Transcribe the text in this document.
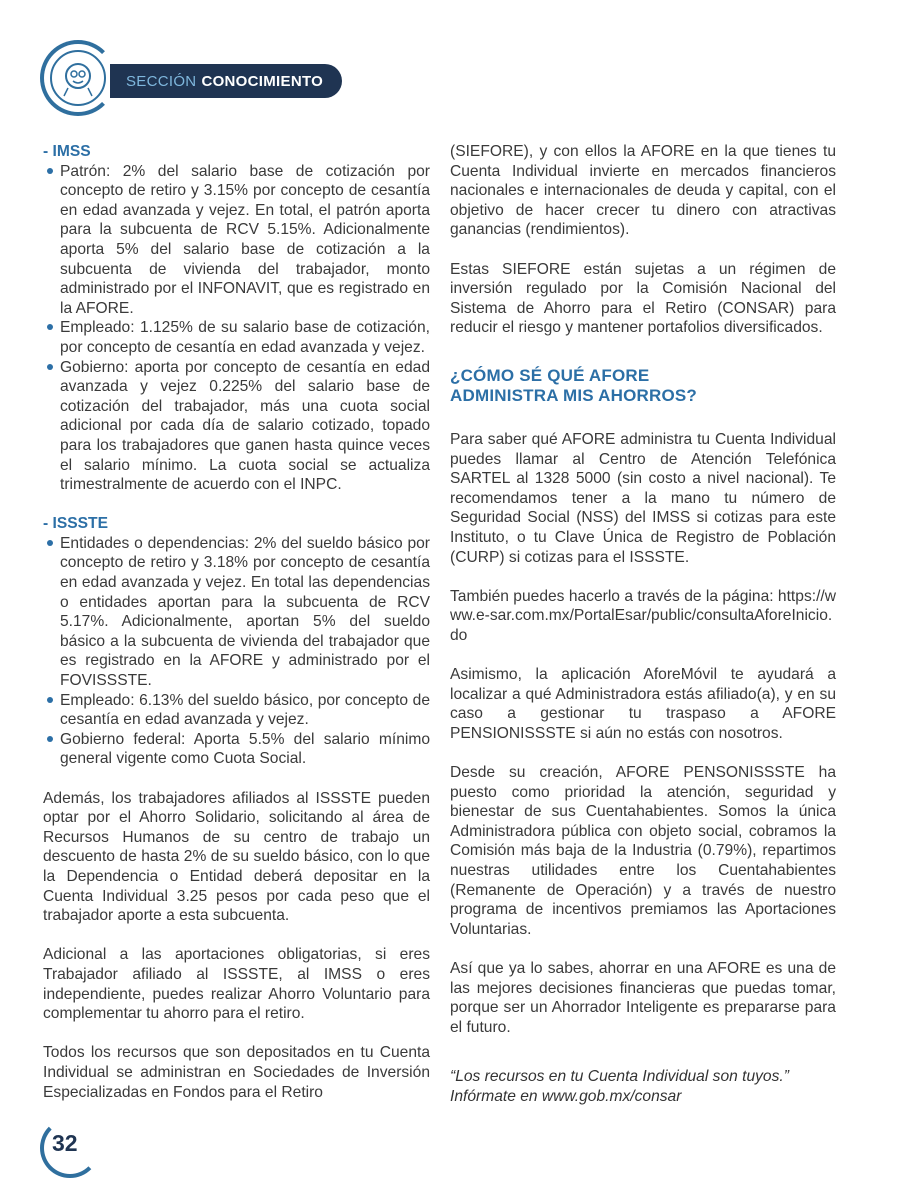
SECCIÓN CONOCIMIENTO
- IMSS
Patrón: 2% del salario base de cotización por concepto de retiro y 3.15% por concepto de cesantía en edad avanzada y vejez. En total, el patrón aporta para la subcuenta de RCV 5.15%. Adicionalmente aporta 5% del salario base de cotización a la subcuenta de vivienda del trabajador, monto administrado por el INFONAVIT, que es registrado en la AFORE.
Empleado: 1.125% de su salario base de cotización, por concepto de cesantía en edad avanzada y vejez.
Gobierno: aporta por concepto de cesantía en edad avanzada y vejez 0.225% del salario base de cotización del trabajador, más una cuota social adicional por cada día de salario cotizado, topado para los trabajadores que ganen hasta quince veces el salario mínimo. La cuota social se actualiza trimestralmente de acuerdo con el INPC.
- ISSSTE
Entidades o dependencias: 2% del sueldo básico por concepto de retiro y 3.18% por concepto de cesantía en edad avanzada y vejez. En total las dependencias o entidades aportan para la subcuenta de RCV 5.17%. Adicionalmente, aportan 5% del sueldo básico a la subcuenta de vivienda del trabajador que es registrado en la AFORE y administrado por el FOVISSSTE.
Empleado: 6.13% del sueldo básico, por concepto de cesantía en edad avanzada y vejez.
Gobierno federal: Aporta 5.5% del salario mínimo general vigente como Cuota Social.

Además, los trabajadores afiliados al ISSSTE pueden optar por el Ahorro Solidario, solicitando al área de Recursos Humanos de su centro de trabajo un descuento de hasta 2% de su sueldo básico, con lo que la Dependencia o Entidad deberá depositar en la Cuenta Individual 3.25 pesos por cada peso que el trabajador aporte a esta subcuenta.

Adicional a las aportaciones obligatorias, si eres Trabajador afiliado al ISSSTE, al IMSS o eres independiente, puedes realizar Ahorro Voluntario para complementar tu ahorro para el retiro.

Todos los recursos que son depositados en tu Cuenta Individual se administran en Sociedades de Inversión Especializadas en Fondos para el Retiro

(SIEFORE), y con ellos la AFORE en la que tienes tu Cuenta Individual invierte en mercados financieros nacionales e internacionales de deuda y capital, con el objetivo de hacer crecer tu dinero con atractivas ganancias (rendimientos).

Estas SIEFORE están sujetas a un régimen de inversión regulado por la Comisión Nacional del Sistema de Ahorro para el Retiro (CONSAR) para reducir el riesgo y mantener portafolios diversificados.

¿CÓMO SÉ QUÉ AFORE
ADMINISTRA MIS AHORROS?

Para saber qué AFORE administra tu Cuenta Individual puedes llamar al Centro de Atención Telefónica SARTEL al 1328 5000 (sin costo a nivel nacional). Te recomendamos tener a la mano tu número de Seguridad Social (NSS) del IMSS si cotizas para este Instituto, o tu Clave Única de Registro de Población (CURP) si cotizas para el ISSSTE.

También puedes hacerlo a través de la página: https://www.e-sar.com.mx/PortalEsar/public/consultaAforeInicio.do

Asimismo, la aplicación AforeMóvil te ayudará a localizar a qué Administradora estás afiliado(a), y en su caso a gestionar tu traspaso a AFORE PENSIONISSSTE si aún no estás con nosotros.

Desde su creación, AFORE PENSONISSSTE ha puesto como prioridad la atención, seguridad y bienestar de sus Cuentahabientes. Somos la única Administradora pública con objeto social, cobramos la Comisión más baja de la Industria (0.79%), repartimos nuestras utilidades entre los Cuentahabientes (Remanente de Operación) y a través de nuestro programa de incentivos premiamos las Aportaciones Voluntarias.

Así que ya lo sabes, ahorrar en una AFORE es una de las mejores decisiones financieras que puedas tomar, porque ser un Ahorrador Inteligente es prepararse para el futuro.

“Los recursos en tu Cuenta Individual son tuyos.”
Infórmate en www.gob.mx/consar

32
